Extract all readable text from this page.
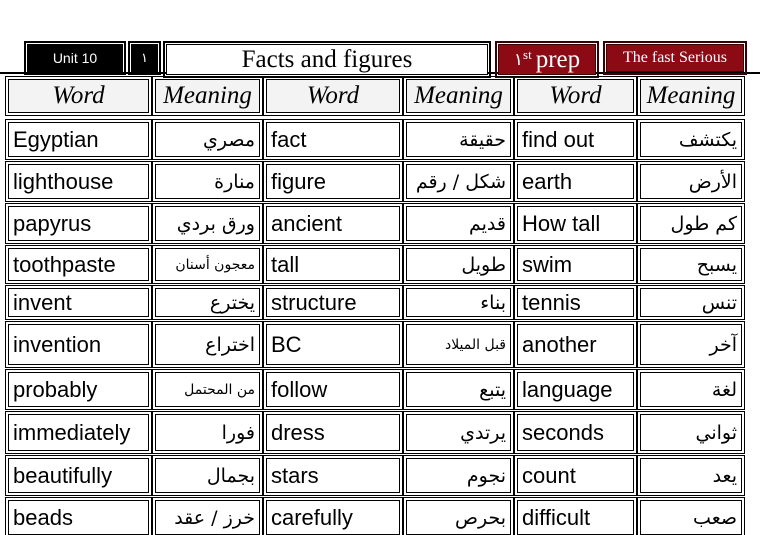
Unit 10	١	Facts and figures	١st prep	The fast Serious
Word	Meaning	Word	Meaning	Word	Meaning
Egyptian	مصري fact	حقيقة find out	يكتشف
lighthouse	منارة figure	شكل / رقم earth	الأرض
papyrus	ورق بردي ancient	قديم How tall	كم طول
toothpaste	معجون أسنان tall	طويل swim	يسبح
invent	يخترع structure	بناء tennis	تنس
invention	اختراع BC	قبل الميلاد another	آخر
probably	من المحتمل follow	يتبع language	لغة
immediately	فورا dress	يرتدي seconds	ثواني
beautifully	بجمال stars	نجوم count	يعد
beads	خرز / عقد carefully	بحرص difficult	صعب
